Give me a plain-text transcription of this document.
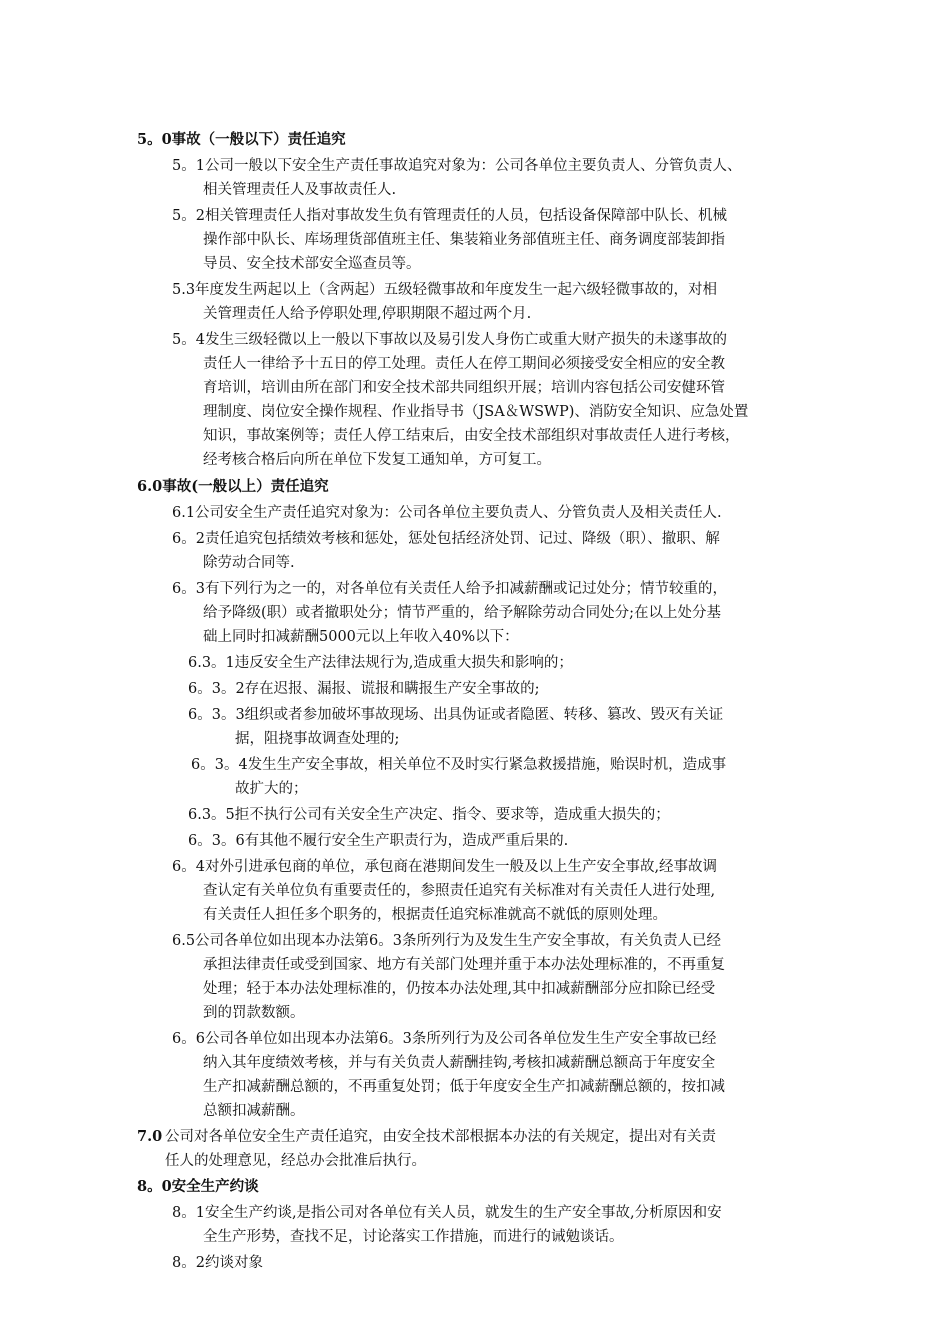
5。0事故（一般以下）责任追究
5。1公司一般以下安全生产责任事故追究对象为：公司各单位主要负责人、分管负责人、
相关管理责任人及事故责任人.
5。2相关管理责任人指对事故发生负有管理责任的人员，包括设备保障部中队长、机械
操作部中队长、库场理货部值班主任、集装箱业务部值班主任、商务调度部装卸指
导员、安全技术部安全巡查员等。
5.3年度发生两起以上（含两起）五级轻微事故和年度发生一起六级轻微事故的，对相
关管理责任人给予停职处理,停职期限不超过两个月.
5。4发生三级轻微以上一般以下事故以及易引发人身伤亡或重大财产损失的未遂事故的
责任人一律给予十五日的停工处理。责任人在停工期间必须接受安全相应的安全教
育培训，培训由所在部门和安全技术部共同组织开展；培训内容包括公司安健环管
理制度、岗位安全操作规程、作业指导书（JSA＆WSWP)、消防安全知识、应急处置
知识，事故案例等；责任人停工结束后，由安全技术部组织对事故责任人进行考核，
经考核合格后向所在单位下发复工通知单，方可复工。
6.0事故(一般以上）责任追究
6.1公司安全生产责任追究对象为：公司各单位主要负责人、分管负责人及相关责任人.
6。2责任追究包括绩效考核和惩处，惩处包括经济处罚、记过、降级（职）、撤职、解
除劳动合同等.
6。3有下列行为之一的，对各单位有关责任人给予扣减薪酬或记过处分；情节较重的，
给予降级(职）或者撤职处分；情节严重的，给予解除劳动合同处分;在以上处分基
础上同时扣减薪酬5000元以上年收入40%以下：
6.3。1违反安全生产法律法规行为,造成重大损失和影响的；
6。3。2存在迟报、漏报、谎报和瞒报生产安全事故的;
6。3。3组织或者参加破坏事故现场、出具伪证或者隐匿、转移、篡改、毁灭有关证
据，阻挠事故调查处理的;
6。3。4发生生产安全事故，相关单位不及时实行紧急救援措施，贻误时机，造成事
故扩大的；
6.3。5拒不执行公司有关安全生产决定、指令、要求等，造成重大损失的；
6。3。6有其他不履行安全生产职责行为，造成严重后果的.
6。4对外引进承包商的单位，承包商在港期间发生一般及以上生产安全事故,经事故调
查认定有关单位负有重要责任的，参照责任追究有关标准对有关责任人进行处理,
有关责任人担任多个职务的，根据责任追究标准就高不就低的原则处理。
6.5公司各单位如出现本办法第6。3条所列行为及发生生产安全事故，有关负责人已经
承担法律责任或受到国家、地方有关部门处理并重于本办法处理标准的，不再重复
处理；轻于本办法处理标准的，仍按本办法处理,其中扣减薪酬部分应扣除已经受
到的罚款数额。
6。6公司各单位如出现本办法第6。3条所列行为及公司各单位发生生产安全事故已经
纳入其年度绩效考核，并与有关负责人薪酬挂钩,考核扣减薪酬总额高于年度安全
生产扣减薪酬总额的，不再重复处罚；低于年度安全生产扣减薪酬总额的，按扣减
总额扣减薪酬。
7.0 公司对各单位安全生产责任追究，由安全技术部根据本办法的有关规定，提出对有关责
任人的处理意见，经总办会批准后执行。
8。0安全生产约谈
8。1安全生产约谈,是指公司对各单位有关人员，就发生的生产安全事故,分析原因和安
全生产形势，查找不足，讨论落实工作措施，而进行的诫勉谈话。
8。2约谈对象
